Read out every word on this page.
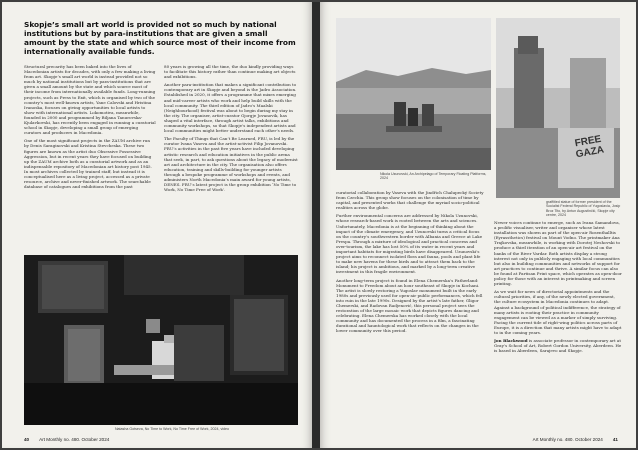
Skopje’s small art world is provided not so much by national institutions but by para-institutions that are given a small amount by the state and which source most of their income from internationally available funds.

Structural precarity has been baked into the lives of Macedonian artists for decades, with only a few making a living from art. Skopje’s small art world is instead provided not so much by national institutions but by para-institutions that are given a small amount by the state and which source most of their income from internationally available funds. Long-running projects, such as Press to Exit, which is organised by two of the country’s most well-known artists, Yane Calovski and Hristina Ivanoska, focuses on giving opportunities to local artists to show with international artists. Lokomotiva, meanwhile, founded in 2000 and programmed by Biljana Tanurovska-Kjulavkovski, has recently been engaged in running a curatorial school in Skopje, developing a small group of emerging curators and producers in Macedonia.

One of the most significant projects in the ZAUM archive run by Denis Saraginovski and Kristina Stevcheska. These two figures are known as the artist duo Obsessive Possessive Aggression, but in recent years they have focused on building up the ZAUM archive both as a curatorial artwork and as an indispensable repository of Macedonian art history post 1945. In most archives collected by trained staff, but instead it is conceptualised here as a living project, accessed as a private resource, archive and never-finished artwork. The searchable database of catalogues and exhibitions from the past

80 years is growing all the time, the duo kindly providing ways to facilitate this history rather than continue making art objects and exhibitions.

Another para-institution that makes a significant contribution to contemporary art in Skopje and beyond is the Jadro Association. Established in 2020, it offers a programme that mixes emerging and mid-career artists who work and help build skills with the local community. The third edition of Jadro’s Maalski (Neighbourhood) festival was about to begin during my stay in the city. The organiser, artist-curator Gjorgje Jovanovik, has shaped a vital interface, through artist talks, exhibitions and community workshops, so that Skopje’s independent artists and local communities might better understand each other’s needs.

The Faculty of Things that Can’t Be Learned, FRU, is led by the curator Ivana Vaseva and the artist-activist Filip Jovanovski. FRU’s activities in the past five years have included developing artistic research and education initiatives in the public arena that seek, in part, to ask questions about the legacy of modernist art and architecture in the city. The organisation also offers education, training and skills-building for younger artists through a bespoke programme of workshops and events, and administers North Macedonia’s main award for young artists, DENES. FRU’s latest project is the group exhibition ‘No Time to Work, No Time Free of Work’.

Natasha Gotseva, No Time to Work, No Time Free of Work, 2024, video

40 Art Monthly no. 480. October 2024

Nikola Uzunovski, An Archipelago of Temporary Floating Platforms, 2024

FREE GAZA

graffitied statue of former president of the Socialist Federal Republic of Yugoslavia, Josip Broz Tito, by Antun Augustinčić, Skopje city centre, 2024

curatorial collaboration by Vaseva with the Jindřich Chalupecký Society from Czechia. This group show focuses on the colonisation of time by capital, and presented works that challenge the myriad socio-political realities across the globe.

Further environmental concerns are addressed by Nikola Uzunovski, whose research-based work is rooted between the arts and sciences. Unfortunately, Macedonia is at the beginning of thinking about the impact of the climate emergency, and Uzunovski turns a critical focus on the country’s southwestern border with Albania and Greece at Lake Prespa. Through a mixture of ideological and practical concerns and over-tourism, the lake has lost 50% of its water in recent years and important habitats for migrating birds have disappeared. Uzunovski’s project aims to reconnect isolated flora and fauna, pools and plant life to make new havens for these birds and to attract them back to the island; his project is ambitious, and marked by a long-term creative investment in this fragile environment.

Another long-term project is found in Elena Chemerska’s Fatherland: Monument to Freedom about an hour southeast of Skopje in Kochani. The artist is slowly restoring a Yugoslav monument built in the early 1980s and previously used for open-air public performances, which fell into ruin in the late 1990s. Designed by the artist’s late father, Gligor Chemerski, and Radovan Radjenović, this personal project sees the restoration of the large mosaic work that depicts figures dancing and celebrating. Elena Chemerska has worked closely with the local community and has documented the process in a film, a fascinating durational and hauntological work that reflects on the changes in the lower community over this period.

Newer voices continue to emerge, such as Ivana Samandova, a prolific visualiser, writer and organiser whose latest installation was shown as part of the open-air Rosenthalltis (Eyrassthetics) festival on Mount Vodno. The printmaker Ana Trajkovska, meanwhile, is working with Dorotej Neshovski to produce a third iteration of an open-air art festival on the banks of the River Vardar. Both artists display a strong interest not only in publicly engaging with local communities but also in building communities and networks of support for art practices to continue and thrive. A similar focus can also be found at Partisan Print space, which operates as open-door policy for those with an interest in printmaking and screen printing.

As we wait for news of directorial appointments and the cultural priorities, if any, of the newly elected government, the culture ecosystem in Macedonia continues to adapt. Against a background of political indifference, the strategy of many artists is rooting their practice in community engagement can be viewed as a marker of simply surviving. Facing the current tide of right-wing politics across parts of Europe, it is a direction that many artists might have to adapt to in the coming years.

Jon Blackwood is associate professor in contemporary art at Gray’s School of Art, Robert Gordon University, Aberdeen. He is based in Aberdeen, Sarajevo and Skopje.

Art Monthly no. 480. October 2024 41
